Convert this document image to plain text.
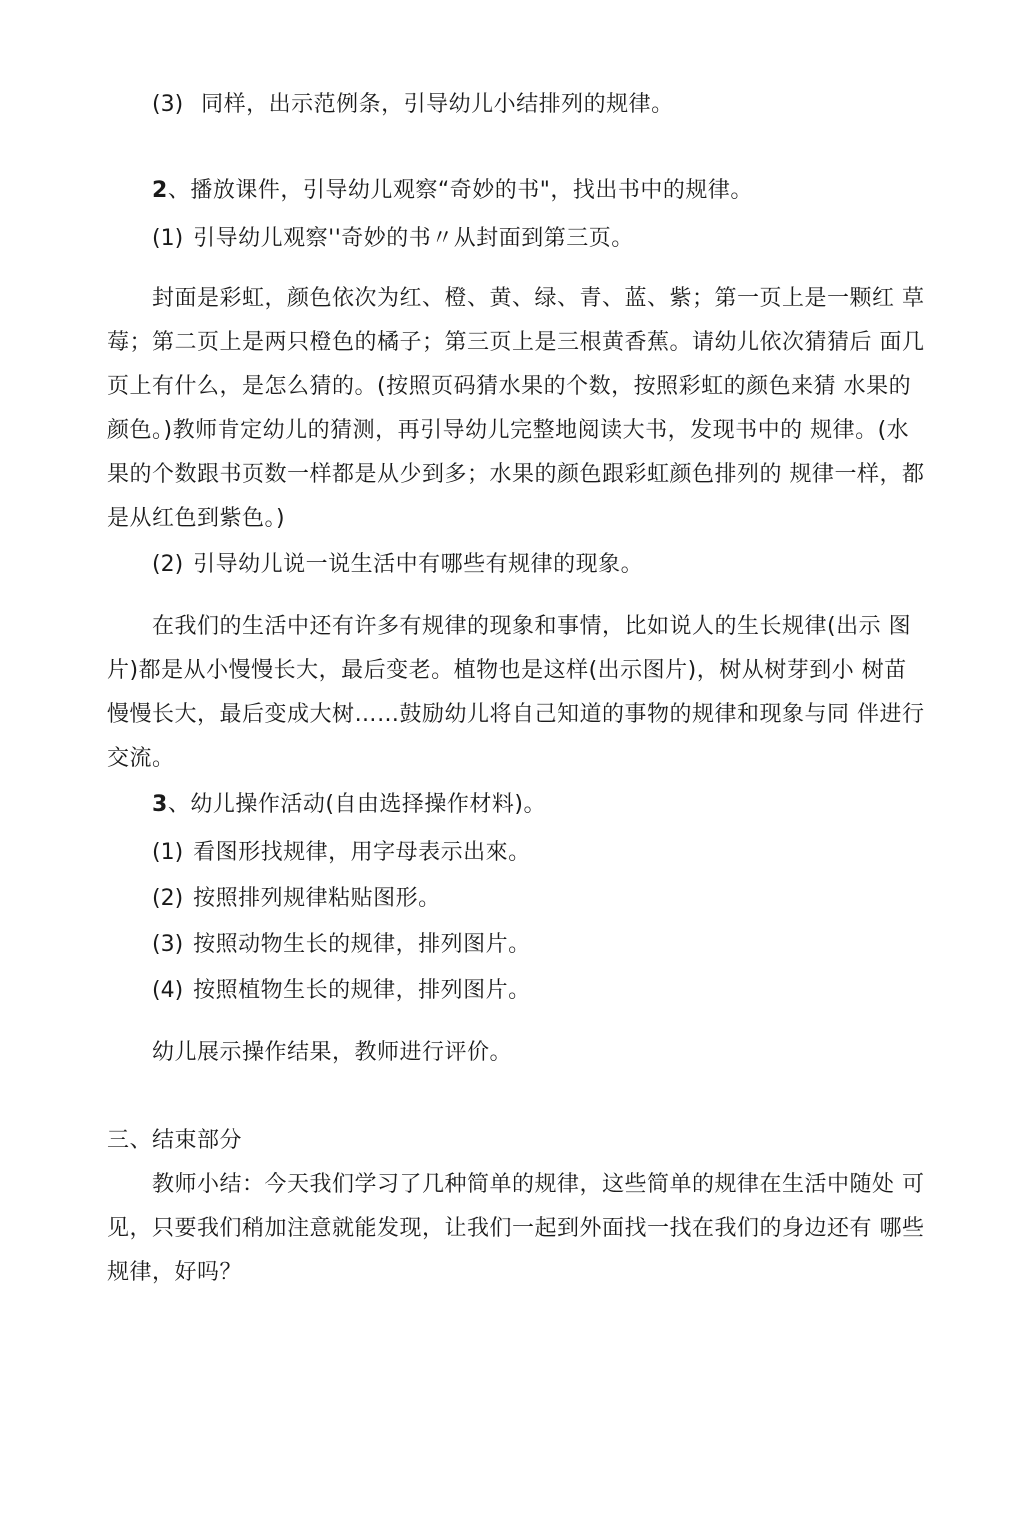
(3) 同样，出示范例条，引导幼儿小结排列的规律。
2、播放课件，引导幼儿观察“奇妙的书"，找出书中的规律。
(1) 引导幼儿观察''奇妙的书〃从封面到第三页。
封面是彩虹，颜色依次为红、橙、黄、绿、青、蓝、紫；第一页上是一颗红 草
莓；第二页上是两只橙色的橘子；第三页上是三根黄香蕉。请幼儿依次猜猜后 面几
页上有什么，是怎么猜的。(按照页码猜水果的个数，按照彩虹的颜色来猜 水果的
颜色。)教师肯定幼儿的猜测，再引导幼儿完整地阅读大书，发现书中的 规律。(水
果的个数跟书页数一样都是从少到多；水果的颜色跟彩虹颜色排列的 规律一样，都
是从红色到紫色。)
(2) 引导幼儿说一说生活中有哪些有规律的现象。
在我们的生活中还有许多有规律的现象和事情，比如说人的生长规律(出示 图
片)都是从小慢慢长大，最后变老。植物也是这样(出示图片)，树从树芽到小 树苗
慢慢长大，最后变成大树……鼓励幼儿将自己知道的事物的规律和现象与同 伴进行
交流。
3、幼儿操作活动(自由选择操作材料)。
(1) 看图形找规律，用字母表示出來。
(2) 按照排列规律粘贴图形。
(3) 按照动物生长的规律，排列图片。
(4) 按照植物生长的规律，排列图片。
幼儿展示操作结果，教师进行评价。
三、结束部分
教师小结：今天我们学习了几种简单的规律，这些简单的规律在生活中随处 可
见，只要我们稍加注意就能发现，让我们一起到外面找一找在我们的身边还有 哪些
规律，好吗？
